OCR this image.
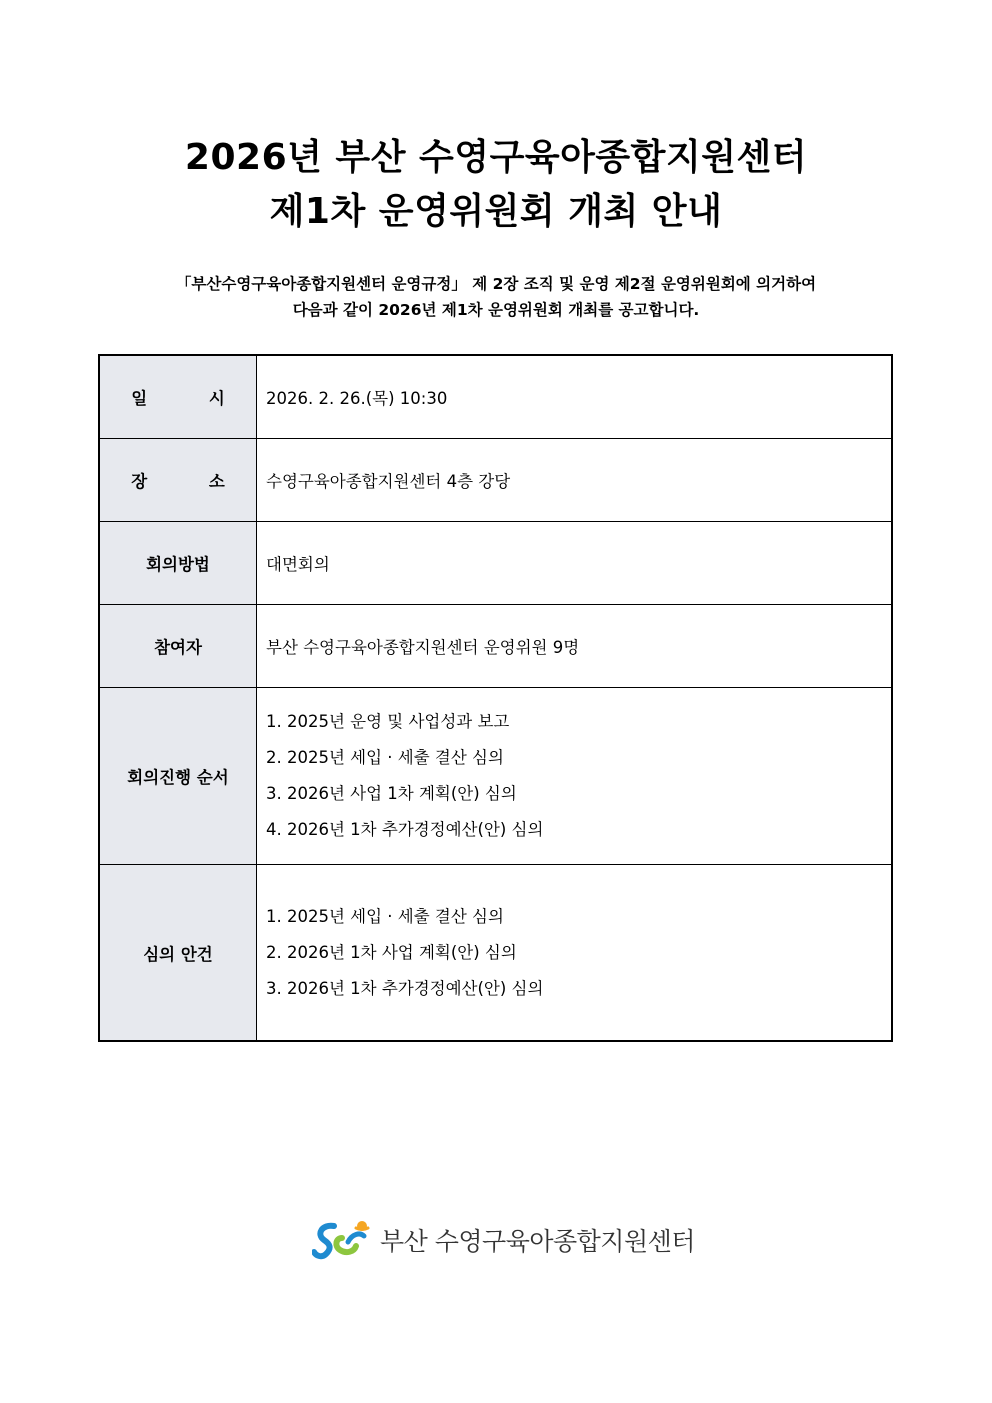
2026년 부산 수영구육아종합지원센터
제1차 운영위원회 개최 안내
「부산수영구육아종합지원센터 운영규정」 제 2장 조직 및 운영 제2절 운영위원회에 의거하여
다음과 같이 2026년 제1차 운영위원회 개최를 공고합니다.
일 시	2026. 2. 26.(목) 10:30
장 소	수영구육아종합지원센터 4층 강당
회의방법	대면회의
참여자	부산 수영구육아종합지원센터 운영위원 9명
회의진행 순서	1. 2025년 운영 및 사업성과 보고
2. 2025년 세입 · 세출 결산 심의
3. 2026년 사업 1차 계획(안) 심의
4. 2026년 1차 추가경정예산(안) 심의

심의 안건	1. 2025년 세입 · 세출 결산 심의
2. 2026년 1차 사업 계획(안) 심의
3. 2026년 1차 추가경정예산(안) 심의
부산 수영구육아종합지원센터
